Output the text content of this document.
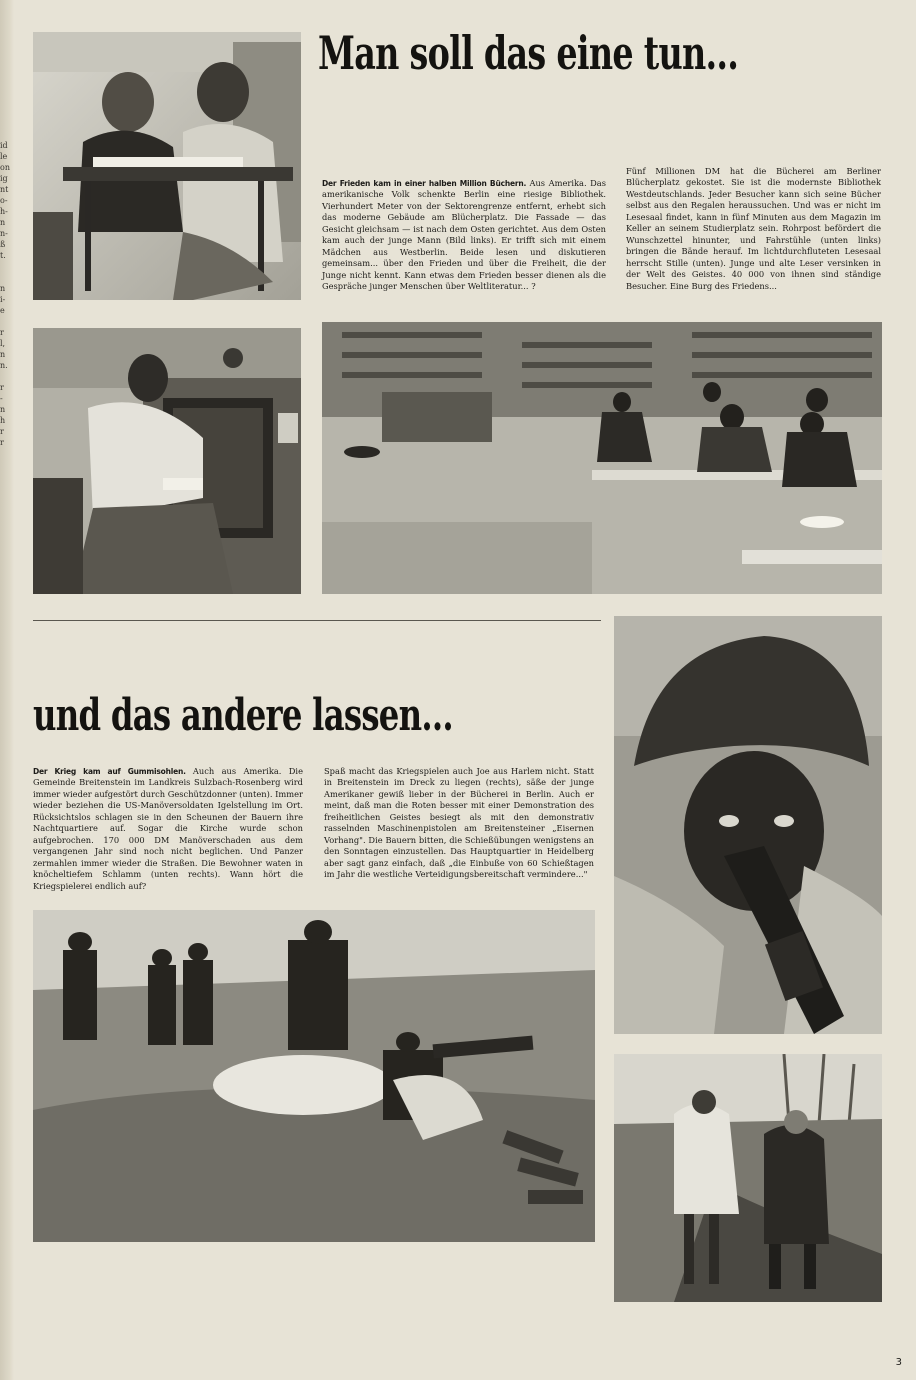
id
le
on
ig
nt
o-
h-
n
n-
ß
t.

n
i-
e

r
l,
n
n.

r
-
n
h
r
r
Man soll das eine tun...
Der Frieden kam in einer halben Million Büchern. Aus Amerika. Das amerikanische Volk schenkte Berlin eine riesige Bibliothek. Vierhundert Meter von der Sektorengrenze entfernt, erhebt sich das moderne Gebäude am Blücherplatz. Die Fassade — das Gesicht gleichsam — ist nach dem Osten gerichtet. Aus dem Osten kam auch der junge Mann (Bild links). Er trifft sich mit einem Mädchen aus Westberlin. Beide lesen und diskutieren gemeinsam... über den Frieden und über die Freiheit, die der Junge nicht kennt. Kann etwas dem Frieden besser dienen als die Gespräche junger Menschen über Weltliteratur... ?
Fünf Millionen DM hat die Bücherei am Berliner Blücherplatz gekostet. Sie ist die modernste Bibliothek Westdeutschlands. Jeder Besucher kann sich seine Bücher selbst aus den Regalen heraussuchen. Und was er nicht im Lesesaal findet, kann in fünf Minuten aus dem Magazin im Keller an seinem Studierplatz sein. Rohrpost befördert die Wunschzettel hinunter, und Fahrstühle (unten links) bringen die Bände herauf. Im lichtdurchfluteten Lesesaal herrscht Stille (unten). Junge und alte Leser versinken in der Welt des Geistes. 40 000 von ihnen sind ständige Besucher. Eine Burg des Friedens...
und das andere lassen...
Der Krieg kam auf Gummisohlen. Auch aus Amerika. Die Gemeinde Breitenstein im Landkreis Sulzbach-Rosenberg wird immer wieder aufgestört durch Geschützdonner (unten). Immer wieder beziehen die US-Manöversoldaten Igelstellung im Ort. Rücksichtslos schlagen sie in den Scheunen der Bauern ihre Nachtquartiere auf. Sogar die Kirche wurde schon aufgebrochen. 170 000 DM Manöverschaden aus dem vergangenen Jahr sind noch nicht beglichen. Und Panzer zermahlen immer wieder die Straßen. Die Bewohner waten in knöcheltiefem Schlamm (unten rechts). Wann hört die Kriegspielerei endlich auf?
Spaß macht das Kriegspielen auch Joe aus Harlem nicht. Statt in Breitenstein im Dreck zu liegen (rechts), säße der junge Amerikaner gewiß lieber in der Bücherei in Berlin. Auch er meint, daß man die Roten besser mit einer Demonstration des freiheitlichen Geistes besiegt als mit den demonstrativ rasselnden Maschinenpistolen am Breitensteiner „Eisernen Vorhang". Die Bauern bitten, die Schießübungen wenigstens an den Sonntagen einzustellen. Das Hauptquartier in Heidelberg aber sagt ganz einfach, daß „die Einbuße von 60 Schießtagen im Jahr die westliche Verteidigungsbereitschaft vermindere..."
3
